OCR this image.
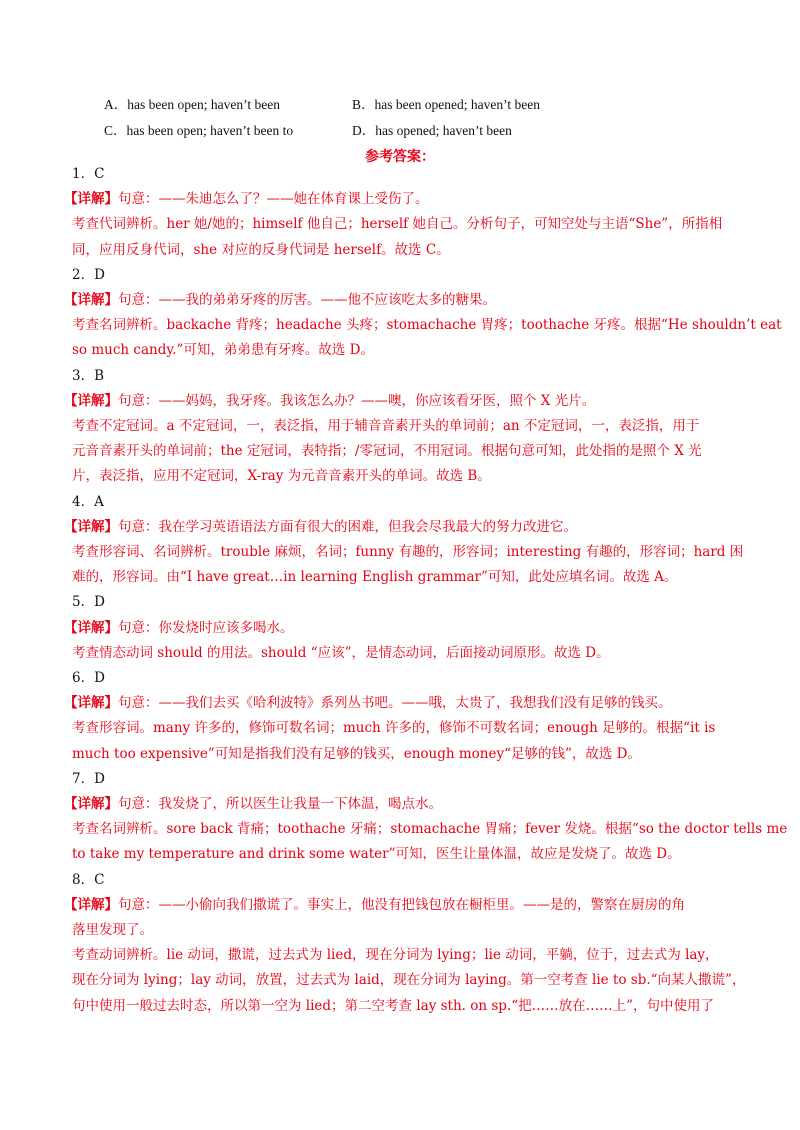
A．has been open; haven’t been	B．has been opened; haven’t been
C．has been open; haven’t been to	D．has opened; haven’t been
参考答案：
1．C
【详解】句意：——朱迪怎么了？——她在体育课上受伤了。
考查代词辨析。her 她/她的；himself 他自己；herself 她自己。分析句子，可知空处与主语“She”，所指相
同，应用反身代词，she 对应的反身代词是 herself。故选 C。
2．D
【详解】句意：——我的弟弟牙疼的厉害。——他不应该吃太多的糖果。
考查名词辨析。backache 背疼；headache 头疼；stomachache 胃疼；toothache 牙疼。根据“He shouldn’t eat
so much candy.”可知，弟弟患有牙疼。故选 D。
3．B
【详解】句意：——妈妈，我牙疼。我该怎么办？——噢，你应该看牙医，照个 X 光片。
考查不定冠词。a 不定冠词，一，表泛指，用于辅音音素开头的单词前；an 不定冠词，一，表泛指，用于
元音音素开头的单词前；the 定冠词，表特指；/零冠词，不用冠词。根据句意可知，此处指的是照个 X 光
片，表泛指，应用不定冠词，X-ray 为元音音素开头的单词。故选 B。
4．A
【详解】句意：我在学习英语语法方面有很大的困难，但我会尽我最大的努力改进它。
考查形容词、名词辨析。trouble 麻烦，名词；funny 有趣的，形容词；interesting 有趣的，形容词；hard 困
难的，形容词。由“I have great…in learning English grammar”可知，此处应填名词。故选 A。
5．D
【详解】句意：你发烧时应该多喝水。
考查情态动词 should 的用法。should “应该”，是情态动词，后面接动词原形。故选 D。
6．D
【详解】句意：——我们去买《哈利波特》系列丛书吧。——哦，太贵了，我想我们没有足够的钱买。
考查形容词。many 许多的，修饰可数名词；much 许多的，修饰不可数名词；enough 足够的。根据“it is
much too expensive”可知是指我们没有足够的钱买，enough money“足够的钱”，故选 D。
7．D
【详解】句意：我发烧了，所以医生让我量一下体温，喝点水。
考查名词辨析。sore back 背痛；toothache 牙痛；stomachache 胃痛；fever 发烧。根据“so the doctor tells me
to take my temperature and drink some water”可知，医生让量体温，故应是发烧了。故选 D。
8．C
【详解】句意：——小偷向我们撒谎了。事实上，他没有把钱包放在橱柜里。——是的，警察在厨房的角
落里发现了。
考查动词辨析。lie 动词，撒谎，过去式为 lied，现在分词为 lying；lie 动词，平躺，位于，过去式为 lay，
现在分词为 lying；lay 动词，放置，过去式为 laid，现在分词为 laying。第一空考查 lie to sb.“向某人撒谎”，
句中使用一般过去时态，所以第一空为 lied；第二空考查 lay sth. on sp.“把……放在……上”，句中使用了
